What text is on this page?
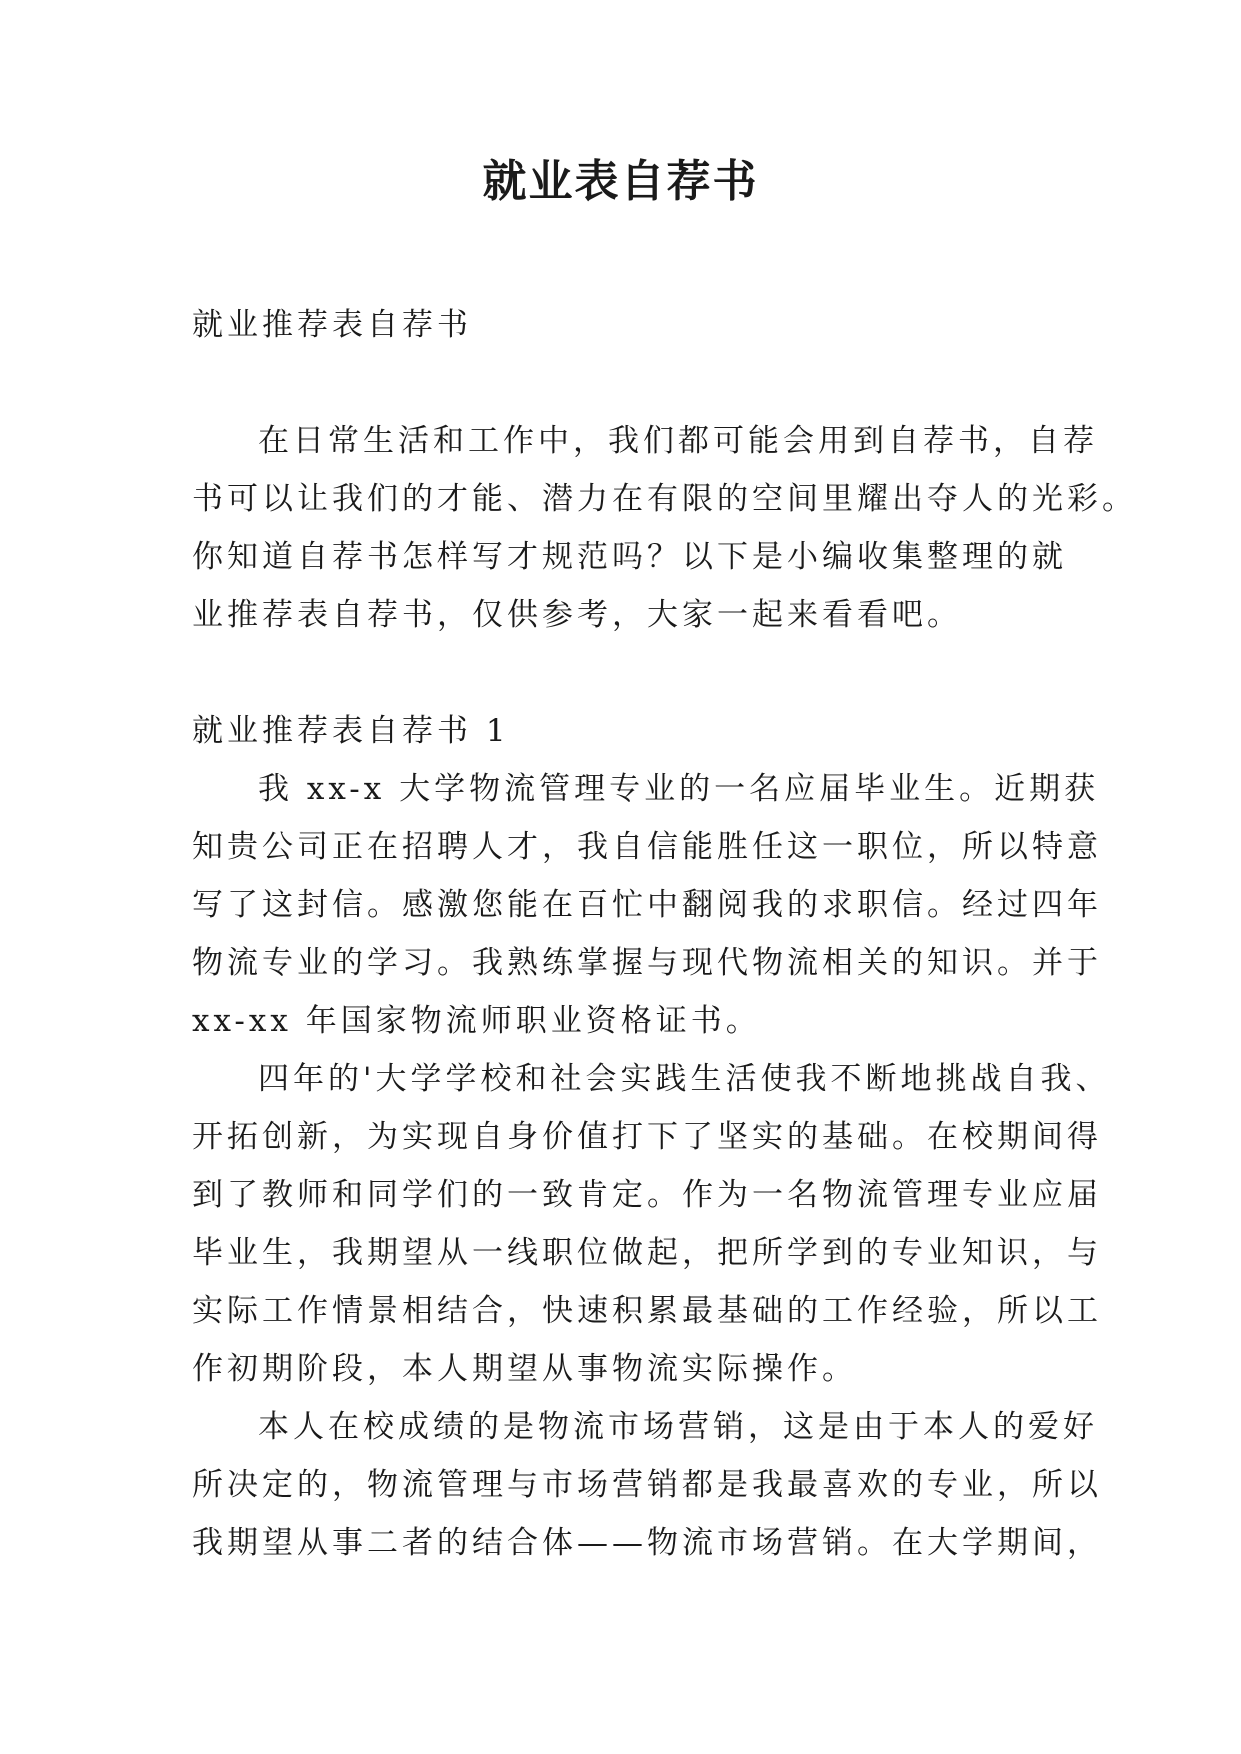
就业表自荐书
就业推荐表自荐书
在日常生活和工作中，我们都可能会用到自荐书，自荐
书可以让我们的才能、潜力在有限的空间里耀出夺人的光彩。
你知道自荐书怎样写才规范吗？以下是小编收集整理的就
业推荐表自荐书，仅供参考，大家一起来看看吧。
就业推荐表自荐书 1
我 xx-x 大学物流管理专业的一名应届毕业生。近期获
知贵公司正在招聘人才，我自信能胜任这一职位，所以特意
写了这封信。感激您能在百忙中翻阅我的求职信。经过四年
物流专业的学习。我熟练掌握与现代物流相关的知识。并于
xx-xx 年国家物流师职业资格证书。
四年的'大学学校和社会实践生活使我不断地挑战自我、
开拓创新，为实现自身价值打下了坚实的基础。在校期间得
到了教师和同学们的一致肯定。作为一名物流管理专业应届
毕业生，我期望从一线职位做起，把所学到的专业知识，与
实际工作情景相结合，快速积累最基础的工作经验，所以工
作初期阶段，本人期望从事物流实际操作。
本人在校成绩的是物流市场营销，这是由于本人的爱好
所决定的，物流管理与市场营销都是我最喜欢的专业，所以
我期望从事二者的结合体——物流市场营销。在大学期间，
